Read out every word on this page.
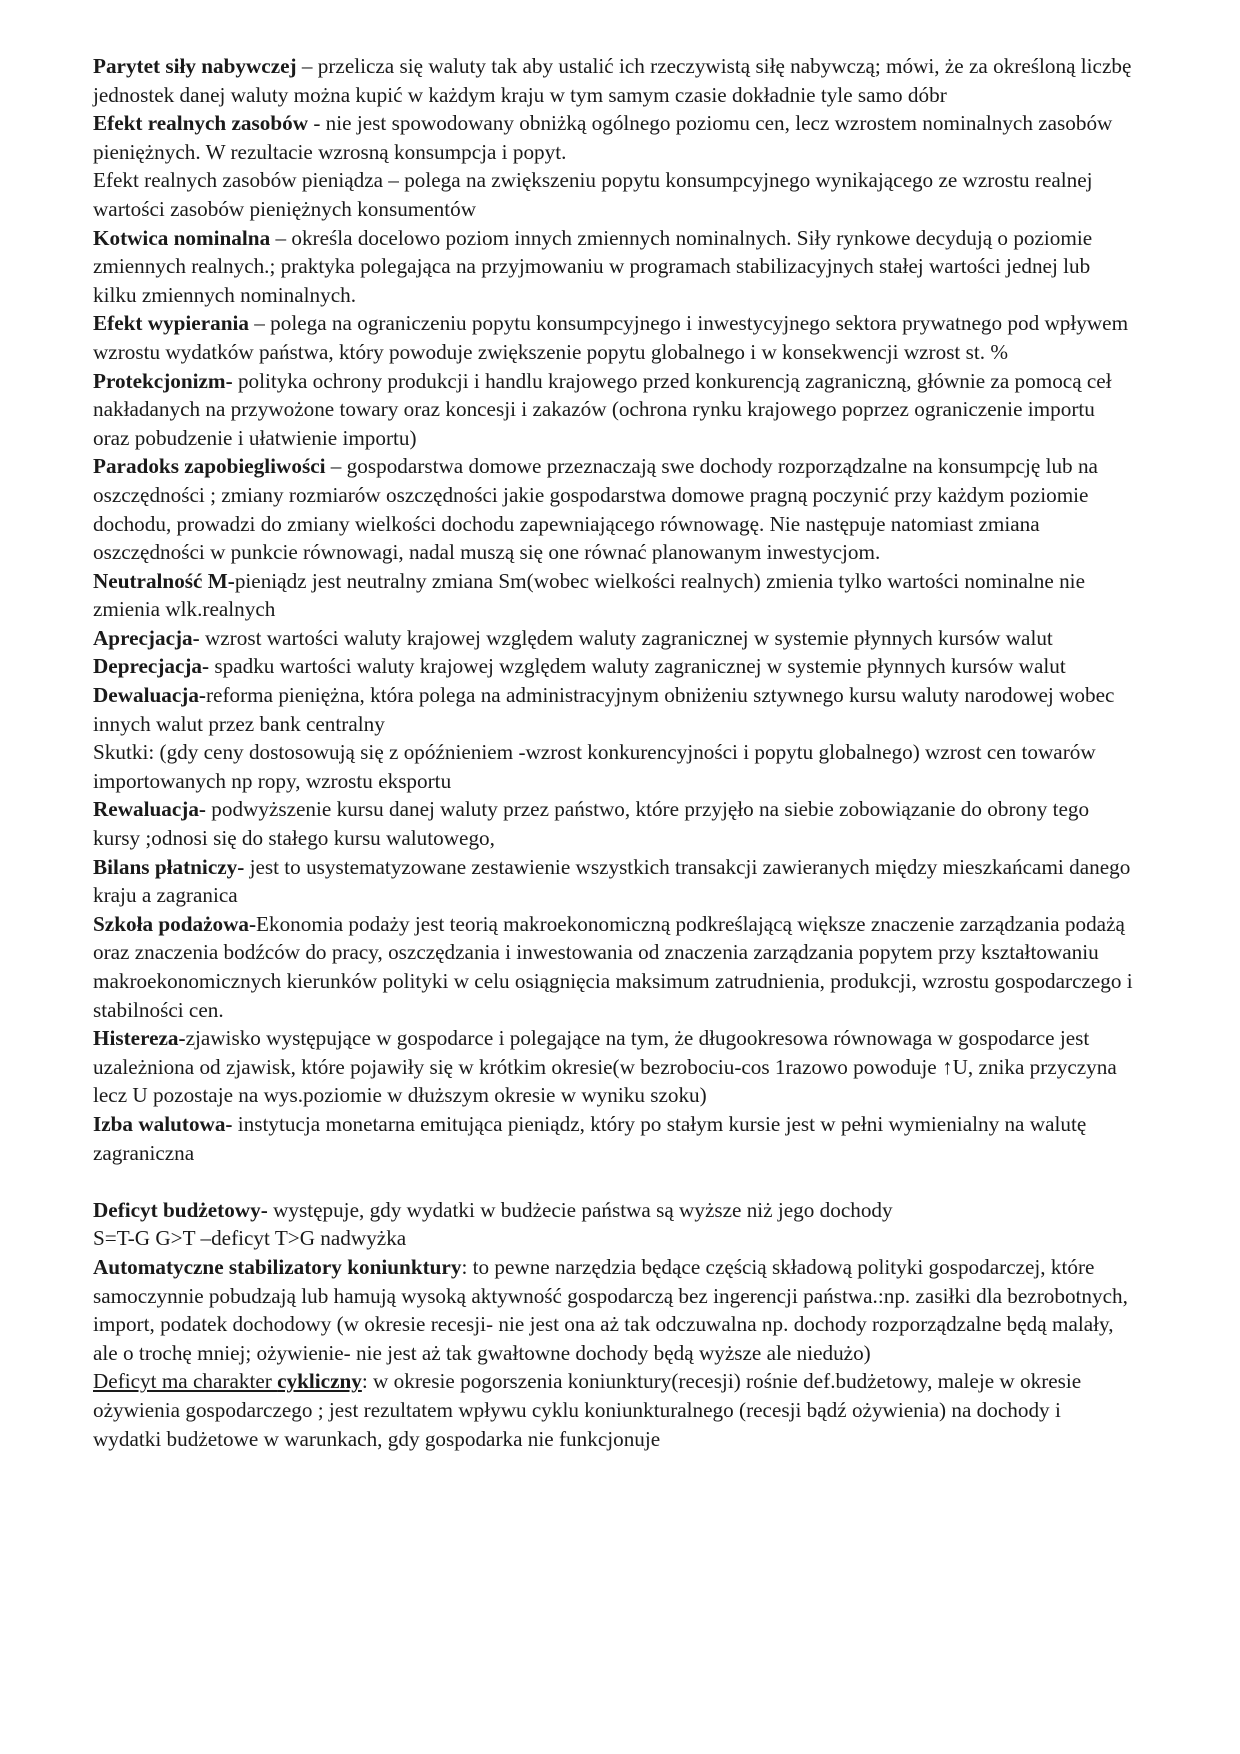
Parytet siły nabywczej – przelicza się waluty tak aby ustalić ich rzeczywistą siłę nabywczą; mówi, że za określoną liczbę jednostek danej waluty można kupić w każdym kraju w tym samym czasie dokładnie tyle samo dóbr

Efekt realnych zasobów - nie jest spowodowany obniżką ogólnego poziomu cen, lecz wzrostem nominalnych zasobów pieniężnych. W rezultacie wzrosną konsumpcja i popyt.

Efekt realnych zasobów pieniądza – polega na zwiększeniu popytu konsumpcyjnego wynikającego ze wzrostu realnej wartości zasobów pieniężnych konsumentów

Kotwica nominalna – określa docelowo poziom innych zmiennych nominalnych. Siły rynkowe decydują o poziomie zmiennych realnych.; praktyka polegająca na przyjmowaniu w programach stabilizacyjnych stałej wartości jednej lub kilku zmiennych nominalnych.

Efekt wypierania – polega na ograniczeniu popytu konsumpcyjnego i inwestycyjnego sektora prywatnego pod wpływem wzrostu wydatków państwa, który powoduje zwiększenie popytu globalnego i w konsekwencji wzrost st. %

Protekcjonizm- polityka ochrony produkcji i handlu krajowego przed konkurencją zagraniczną, głównie za pomocą ceł nakładanych na przywożone towary oraz koncesji i zakazów (ochrona rynku krajowego poprzez ograniczenie importu oraz pobudzenie i ułatwienie importu)

Paradoks zapobiegliwości – gospodarstwa domowe przeznaczają swe dochody rozporządzalne na konsumpcję lub na oszczędności ; zmiany rozmiarów oszczędności jakie gospodarstwa domowe pragną poczynić przy każdym poziomie dochodu, prowadzi do zmiany wielkości dochodu zapewniającego równowagę. Nie następuje natomiast zmiana oszczędności w punkcie równowagi, nadal muszą się one równać planowanym inwestycjom.

Neutralność M-pieniądz jest neutralny zmiana Sm(wobec wielkości realnych) zmienia tylko wartości nominalne nie zmienia wlk.realnych

Aprecjacja- wzrost wartości waluty krajowej względem waluty zagranicznej w systemie płynnych kursów walut

Deprecjacja- spadku wartości waluty krajowej względem waluty zagranicznej w systemie płynnych kursów walut

Dewaluacja-reforma pieniężna, która polega na administracyjnym obniżeniu sztywnego kursu waluty narodowej wobec innych walut przez bank centralny

Skutki: (gdy ceny dostosowują się z opóźnieniem -wzrost konkurencyjności i popytu globalnego) wzrost cen towarów importowanych np ropy, wzrostu eksportu

Rewaluacja- podwyższenie kursu danej waluty przez państwo, które przyjęło na siebie zobowiązanie do obrony tego kursy ;odnosi się do stałego kursu walutowego,

Bilans płatniczy- jest to usystematyzowane zestawienie wszystkich transakcji zawieranych między mieszkańcami danego kraju a zagranica

Szkoła podażowa-Ekonomia podaży jest teorią makroekonomiczną podkreślającą większe znaczenie zarządzania podażą oraz znaczenia bodźców do pracy, oszczędzania i inwestowania od znaczenia zarządzania popytem przy kształtowaniu makroekonomicznych kierunków polityki w celu osiągnięcia maksimum zatrudnienia, produkcji, wzrostu gospodarczego i stabilności cen.

Histereza-zjawisko występujące w gospodarce i polegające na tym, że długookresowa równowaga w gospodarce jest uzależniona od zjawisk, które pojawiły się w krótkim okresie(w bezrobociu-cos 1razowo powoduje ↑U, znika przyczyna lecz U pozostaje na wys.poziomie w dłuższym okresie w wyniku szoku)

Izba walutowa- instytucja monetarna emitująca pieniądz, który po stałym kursie jest w pełni wymienialny na walutę zagraniczna

Deficyt budżetowy- występuje, gdy wydatki w budżecie państwa są wyższe niż jego dochody

S=T-G G>T –deficyt T>G nadwyżka

Automatyczne stabilizatory koniunktury: to pewne narzędzia będące częścią składową polityki gospodarczej, które samoczynnie pobudzają lub hamują wysoką aktywność gospodarczą bez ingerencji państwa.:np. zasiłki dla bezrobotnych, import, podatek dochodowy (w okresie recesji- nie jest ona aż tak odczuwalna np. dochody rozporządzalne będą malały, ale o trochę mniej; ożywienie- nie jest aż tak gwałtowne dochody będą wyższe ale niedużo)

Deficyt ma charakter cykliczny: w okresie pogorszenia koniunktury(recesji) rośnie def.budżetowy, maleje w okresie ożywienia gospodarczego ; jest rezultatem wpływu cyklu koniunkturalnego (recesji bądź ożywienia) na dochody i wydatki budżetowe w warunkach, gdy gospodarka nie funkcjonuje
